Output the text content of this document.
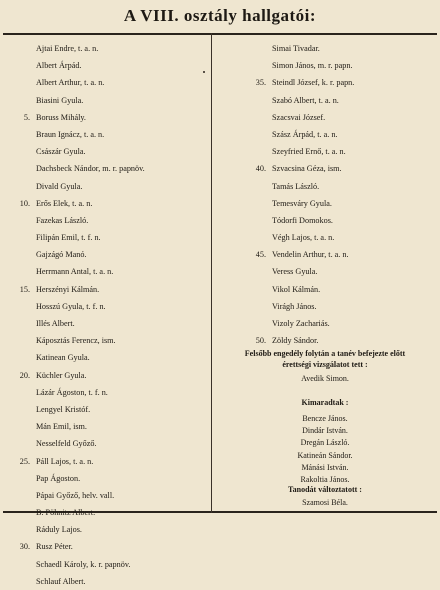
A VIII. osztály hallgatói:
Ajtai Endre, t. a. n.
Albert Árpád.
Albert Arthur, t. a. n.
Biasini Gyula.
5. Boruss Mihály.
Braun Ignácz, t. a. n.
Császár Gyula.
Dachsbeck Nándor, m. r. papnöv.
Divald Gyula.
10. Erős Elek, t. a. n.
Fazekas László.
Filipán Emil, t. f. n.
Gajzágó Manó.
Herrmann Antal, t. a. n.
15. Herszényi Kálmán.
Hosszú Gyula, t. f. n.
Illés Albert.
Káposztás Ferencz, ism.
Katinean Gyula.
20. Küchler Gyula.
Lázár Ágoston, t. f. n.
Lengyel Kristóf.
Mán Emil, ism.
Nesselfeld Győző.
25. Páll Lajos, t. a. n.
Pap Ágoston.
Pápai Győző, helv. vall.
B. Pöhnitz Albert.
Ráduly Lajos.
30. Rusz Péter.
Schaedl Károly, k. r. papnöv.
Schlauf Albert.
Simai Tivadar.
Simon János, m. r. papn.
35. Steindl József, k. r. papn.
Szabó Albert, t. a. n.
Szacsvai József.
Szász Árpád, t. a. n.
Szeyfried Ernő, t. a. n.
40. Szvacsina Géza, ism.
Tamás László.
Temesváry Gyula.
Tódorfi Domokos.
Végh Lajos, t. a. n.
45. Vendelin Arthur, t. a. n.
Veress Gyula.
Vikol Kálmán.
Virágh János.
Vizoly Zachariás.
50. Zöldy Sándor.
Felsőbb engedély folytán a tanév befejezte előtt
érettségi vizsgálatot tett :
Avedik Simon.
Kimaradtak :
Bencze János.
Dindár István.
Dregán László.
Katineán Sándor.
Mánási István.
Rakoltia János.
Tanodát változtatott :
Szamosi Béla.
